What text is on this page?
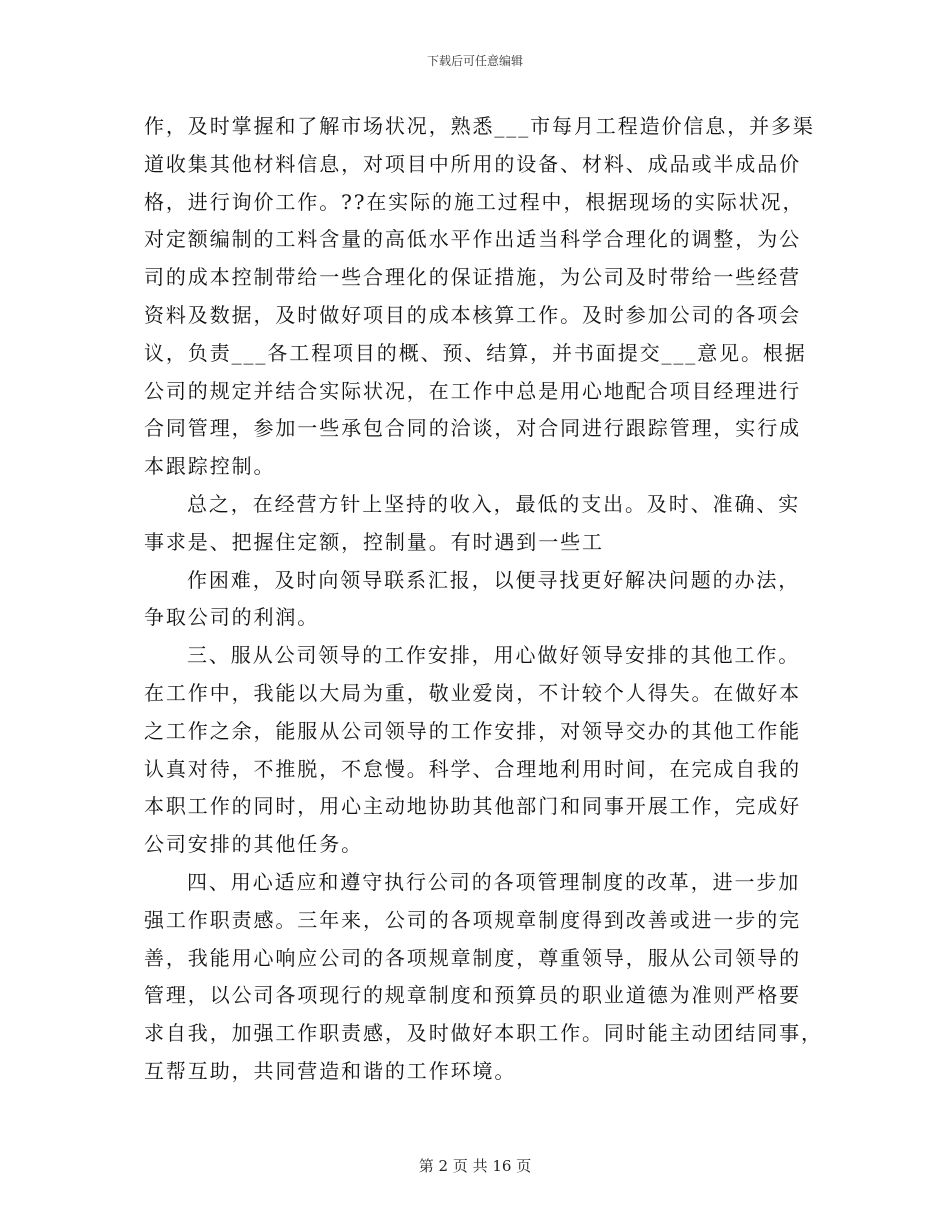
下载后可任意编辑
作，及时掌握和了解市场状况，熟悉___市每月工程造价信息，并多渠
道收集其他材料信息，对项目中所用的设备、材料、成品或半成品价
格，进行询价工作。??在实际的施工过程中，根据现场的实际状况，
对定额编制的工料含量的高低水平作出适当科学合理化的调整，为公
司的成本控制带给一些合理化的保证措施，为公司及时带给一些经营
资料及数据，及时做好项目的成本核算工作。及时参加公司的各项会
议，负责___各工程项目的概、预、结算，并书面提交___意见。根据
公司的规定并结合实际状况，在工作中总是用心地配合项目经理进行
合同管理，参加一些承包合同的洽谈，对合同进行跟踪管理，实行成
本跟踪控制。
总之，在经营方针上坚持的收入，最低的支出。及时、准确、实
事求是、把握住定额，控制量。有时遇到一些工
作困难，及时向领导联系汇报，以便寻找更好解决问题的办法，
争取公司的利润。
三、服从公司领导的工作安排，用心做好领导安排的其他工作。
在工作中，我能以大局为重，敬业爱岗，不计较个人得失。在做好本
之工作之余，能服从公司领导的工作安排，对领导交办的其他工作能
认真对待，不推脱，不怠慢。科学、合理地利用时间，在完成自我的
本职工作的同时，用心主动地协助其他部门和同事开展工作，完成好
公司安排的其他任务。
四、用心适应和遵守执行公司的各项管理制度的改革，进一步加
强工作职责感。三年来，公司的各项规章制度得到改善或进一步的完
善，我能用心响应公司的各项规章制度，尊重领导，服从公司领导的
管理，以公司各项现行的规章制度和预算员的职业道德为准则严格要
求自我，加强工作职责感，及时做好本职工作。同时能主动团结同事，
互帮互助，共同营造和谐的工作环境。
第 2 页 共 16 页
